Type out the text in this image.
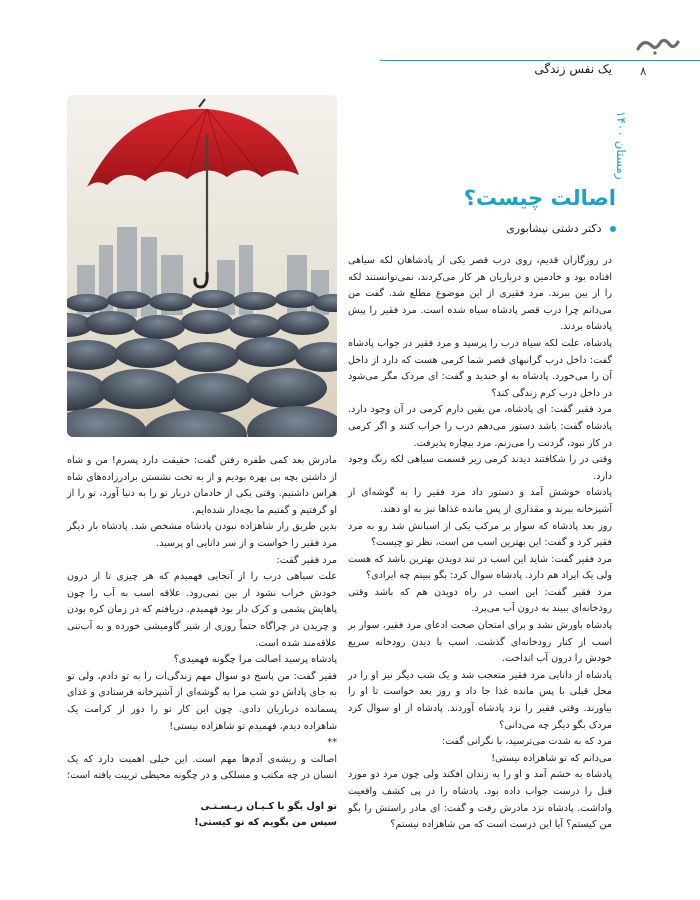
۸
یک نفس زندگی
زمستان ۱۴۰۰
اصالت چیست؟
دکتر دشتی نیشابوری

در روزگاران قدیم، روی درب قصر یکی از پادشاهان لکه سیاهی افتاده بود و خادمین و درباریان هر کار می‌کردند، نمی‌توانستند لکه را از بین ببرند. مرد فقیری از این موضوع مطلع شد. گفت من می‌دانم چرا درب قصر پادشاه سیاه شده است. مرد فقیر را پیش پادشاه بردند.

پادشاه، علت لکه سیاه درب را پرسید و مرد فقیر در جواب پادشاه گفت: داخل درب گرانبهای قصر شما کرمی هست که دارد از داخل آن را می‌خورد. پادشاه به او خندید و گفت: ای مردک مگر می‌شود در داخل درب کرم زندگی کند؟

مرد فقیر گفت: ای پادشاه، من یقین دارم کرمی در آن وجود دارد. پادشاه گفت: باشد دستور می‌دهم درب را خراب کنند و اگر کرمی در کار نبود، گردنت را می‌زنم. مرد بیچاره پذیرفت.

وقتی در را شکافتند دیدند کرمی زیر قسمت سیاهی لکه رنگ وجود دارد.

پادشاه خوشش آمد و دستور داد مرد فقیر را به گوشه‌ای از آشپزخانه ببرند و مقداری از پس مانده غذاها نیز به او دهند.

روز بعد پادشاه که سوار بر مرکب یکی از اسبانش شد رو به مرد فقیر کرد و گفت: این بهترین اسب من است، نظر تو چیست؟

مرد فقیر گفت: شاید این اسب در تند دویدن بهترین باشد که هست ولی یک ایراد هم دارد. پادشاه سوال کرد: بگو ببینم چه ایرادی؟

مرد فقیر گفت: این اسب در راه دویدن هم که باشد وقتی رودخانه‌ای ببیند به درون آب می‌پرد.

پادشاه باورش نشد و برای امتحان صحت ادعای مرد فقیر، سوار بر اسب از کنار رودخانه‌ای گذشت. اسب با دیدن رودخانه سریع خودش را درون آب انداخت.

پادشاه از دانایی مرد فقیر متعجب شد و یک شب دیگر نیز او را در محل قبلی با پس مانده غذا جا داد و روز بعد خواست تا او را بیاورند. وقتی فقیر را نزد پادشاه آوردند. پادشاه از او سوال کرد مردک بگو دیگر چه می‌دانی؟

مرد که به شدت می‌ترسید، با نگرانی گفت:

می‌دانم که تو شاهزاده نیستی!

پادشاه به خشم آمد و او را به زندان افکند ولی چون مرد دو مورد قبل را درست جواب داده بود، پادشاه را در پی کشف واقعیت واداشت. پادشاه نزد مادرش رفت و گفت: ای مادر راستش را بگو من کیستم؟ آیا این درست است که من شاهزاده نیستم؟

مادرش بعد کمی طفره رفتن گفت: حقیقت دارد پسرم! من و شاه از داشتن بچه بی بهره بودیم و از به تخت نشستن برادرزاده‌های شاه هراس داشتیم. وقتی یکی از خادمان دربار تو را به دنیا آورد، تو را از او گرفتیم و گفتیم ما بچه‌دار شده‌ایم.

بدین طریق راز شاهزاده نبودن پادشاه مشخص شد. پادشاه بار دیگر مرد فقیر را خواست و از سر دانایی او پرسید.

مرد فقیر گفت:

علت سیاهی درب را از آنجایی فهمیدم که هر چیزی تا از درون خودش خراب نشود از بین نمی‌رود. علاقه اسب به آب را چون پاهایش پشمی و کرک دار بود فهمیدم. دریافتم که در زمان کره بودن و چریدن در چراگاه حتماً روزی از شیر گاومیشی خورده و به آب‌تنی علاقه‌مند شده است.

پادشاه پرسید اصالت مرا چگونه فهمیدی؟

فقیر گفت: من پاسخ دو سوال مهم زندگی‌ات را به تو دادم، ولی تو به جای پاداش دو شب مرا به گوشه‌ای از آشپزخانه فرستادی و غذای پسمانده درباریان دادی. چون این کار تو را دور از کرامت یک شاهزاده دیدم، فهمیدم تو شاهزاده نیستی!

**

اصالت و ریشه‌ی آدم‌ها مهم است. این خیلی اهمیت دارد که یک انسان در چه مکتب و مسلکی و در چگونه محیطی تربیت یافته است؛

تو اول بگو با کـیـان زیـسـتـی

سپس من بگویم که تو کیستی!
